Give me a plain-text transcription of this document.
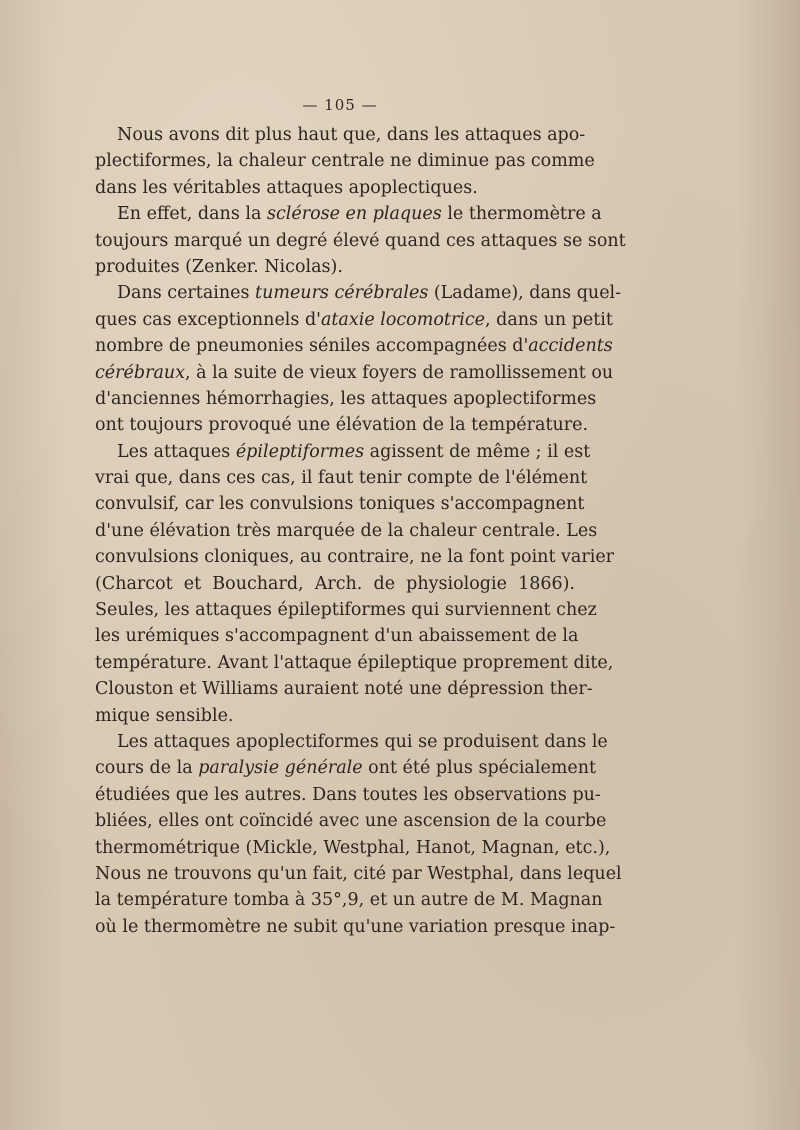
— 105 —
Nous avons dit plus haut que, dans les attaques apo-
plectiformes, la chaleur centrale ne diminue pas comme
dans les véritables attaques apoplectiques.
En effet, dans la sclérose en plaques le thermomètre a
toujours marqué un degré élevé quand ces attaques se sont
produites (Zenker. Nicolas).
Dans certaines tumeurs cérébrales (Ladame), dans quel-
ques cas exceptionnels d'ataxie locomotrice, dans un petit
nombre de pneumonies séniles accompagnées d'accidents
cérébraux, à la suite de vieux foyers de ramollissement ou
d'anciennes hémorrhagies, les attaques apoplectiformes
ont toujours provoqué une élévation de la température.
Les attaques épileptiformes agissent de même ; il est
vrai que, dans ces cas, il faut tenir compte de l'élément
convulsif, car les convulsions toniques s'accompagnent
d'une élévation très marquée de la chaleur centrale. Les
convulsions cloniques, au contraire, ne la font point varier
(Charcot et Bouchard, Arch. de physiologie 1866).
Seules, les attaques épileptiformes qui surviennent chez
les urémiques s'accompagnent d'un abaissement de la
température. Avant l'attaque épileptique proprement dite,
Clouston et Williams auraient noté une dépression ther-
mique sensible.
Les attaques apoplectiformes qui se produisent dans le
cours de la paralysie générale ont été plus spécialement
étudiées que les autres. Dans toutes les observations pu-
bliées, elles ont coïncidé avec une ascension de la courbe
thermométrique (Mickle, Westphal, Hanot, Magnan, etc.),
Nous ne trouvons qu'un fait, cité par Westphal, dans lequel
la température tomba à 35°,9, et un autre de M. Magnan
où le thermomètre ne subit qu'une variation presque inap-
